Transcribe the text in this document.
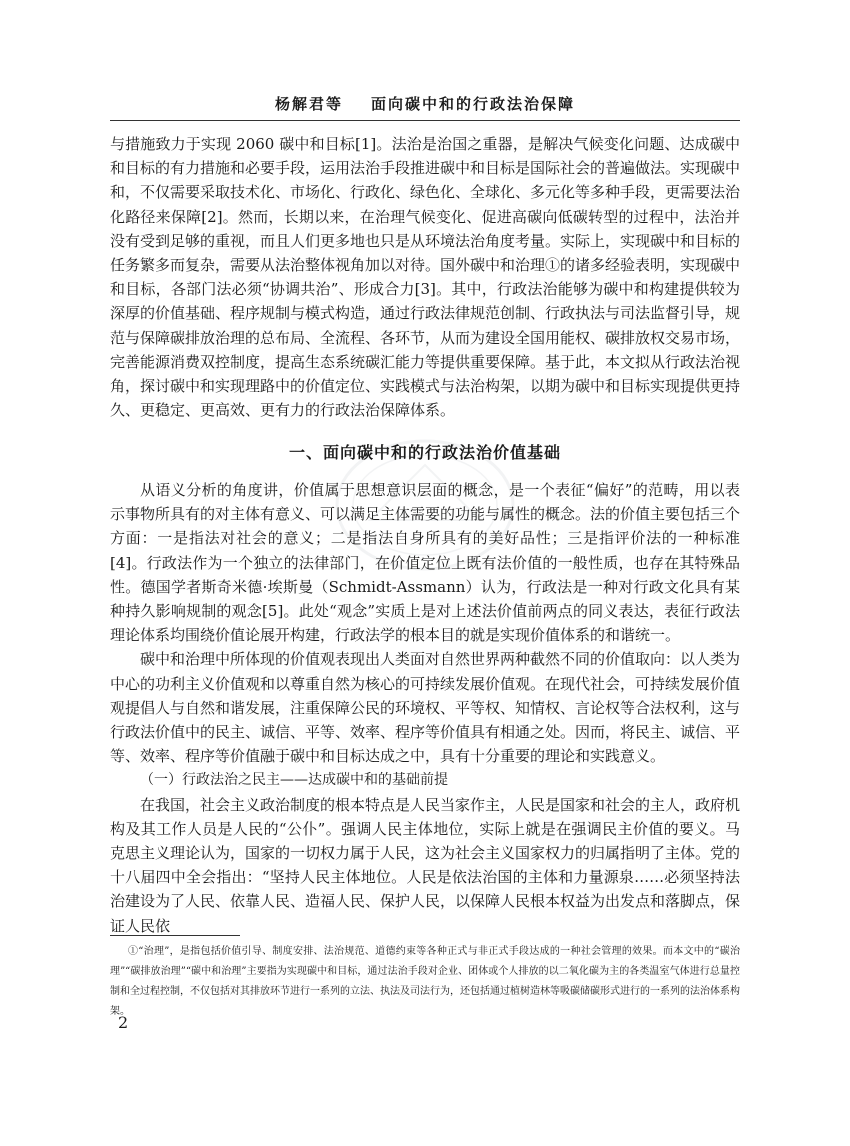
杨解君等 面向碳中和的行政法治保障

与措施致力于实现 2060 碳中和目标[1]。法治是治国之重器，是解决气候变化问题、达成碳中和目标的有力措施和必要手段，运用法治手段推进碳中和目标是国际社会的普遍做法。实现碳中和，不仅需要采取技术化、市场化、行政化、绿色化、全球化、多元化等多种手段，更需要法治化路径来保障[2]。然而，长期以来，在治理气候变化、促进高碳向低碳转型的过程中，法治并没有受到足够的重视，而且人们更多地也只是从环境法治角度考量。实际上，实现碳中和目标的任务繁多而复杂，需要从法治整体视角加以对待。国外碳中和治理①的诸多经验表明，实现碳中和目标，各部门法必须“协调共治”、形成合力[3]。其中，行政法治能够为碳中和构建提供较为深厚的价值基础、程序规制与模式构造，通过行政法律规范创制、行政执法与司法监督引导，规范与保障碳排放治理的总布局、全流程、各环节，从而为建设全国用能权、碳排放权交易市场，完善能源消费双控制度，提高生态系统碳汇能力等提供重要保障。基于此，本文拟从行政法治视角，探讨碳中和实现理路中的价值定位、实践模式与法治构架，以期为碳中和目标实现提供更持久、更稳定、更高效、更有力的行政法治保障体系。

一、面向碳中和的行政法治价值基础

从语义分析的角度讲，价值属于思想意识层面的概念，是一个表征“偏好”的范畴，用以表示事物所具有的对主体有意义、可以满足主体需要的功能与属性的概念。法的价值主要包括三个方面：一是指法对社会的意义；二是指法自身所具有的美好品性；三是指评价法的一种标准[4]。行政法作为一个独立的法律部门，在价值定位上既有法价值的一般性质，也存在其特殊品性。德国学者斯奇米德·埃斯曼（Schmidt-Assmann）认为，行政法是一种对行政文化具有某种持久影响规制的观念[5]。此处“观念”实质上是对上述法价值前两点的同义表达，表征行政法理论体系均围绕价值论展开构建，行政法学的根本目的就是实现价值体系的和谐统一。

碳中和治理中所体现的价值观表现出人类面对自然世界两种截然不同的价值取向：以人类为中心的功利主义价值观和以尊重自然为核心的可持续发展价值观。在现代社会，可持续发展价值观提倡人与自然和谐发展，注重保障公民的环境权、平等权、知情权、言论权等合法权利，这与行政法价值中的民主、诚信、平等、效率、程序等价值具有相通之处。因而，将民主、诚信、平等、效率、程序等价值融于碳中和目标达成之中，具有十分重要的理论和实践意义。

（一）行政法治之民主——达成碳中和的基础前提

在我国，社会主义政治制度的根本特点是人民当家作主，人民是国家和社会的主人，政府机构及其工作人员是人民的“公仆”。强调人民主体地位，实际上就是在强调民主价值的要义。马克思主义理论认为，国家的一切权力属于人民，这为社会主义国家权力的归属指明了主体。党的十八届四中全会指出：“坚持人民主体地位。人民是依法治国的主体和力量源泉……必须坚持法治建设为了人民、依靠人民、造福人民、保护人民，以保障人民根本权益为出发点和落脚点，保证人民依

①“治理”，是指包括价值引导、制度安排、法治规范、道德约束等各种正式与非正式手段达成的一种社会管理的效果。而本文中的“碳治理”“碳排放治理”“碳中和治理”主要指为实现碳中和目标，通过法治手段对企业、团体或个人排放的以二氧化碳为主的各类温室气体进行总量控制和全过程控制，不仅包括对其排放环节进行一系列的立法、执法及司法行为，还包括通过植树造林等吸碳储碳形式进行的一系列的法治体系构架。

2
